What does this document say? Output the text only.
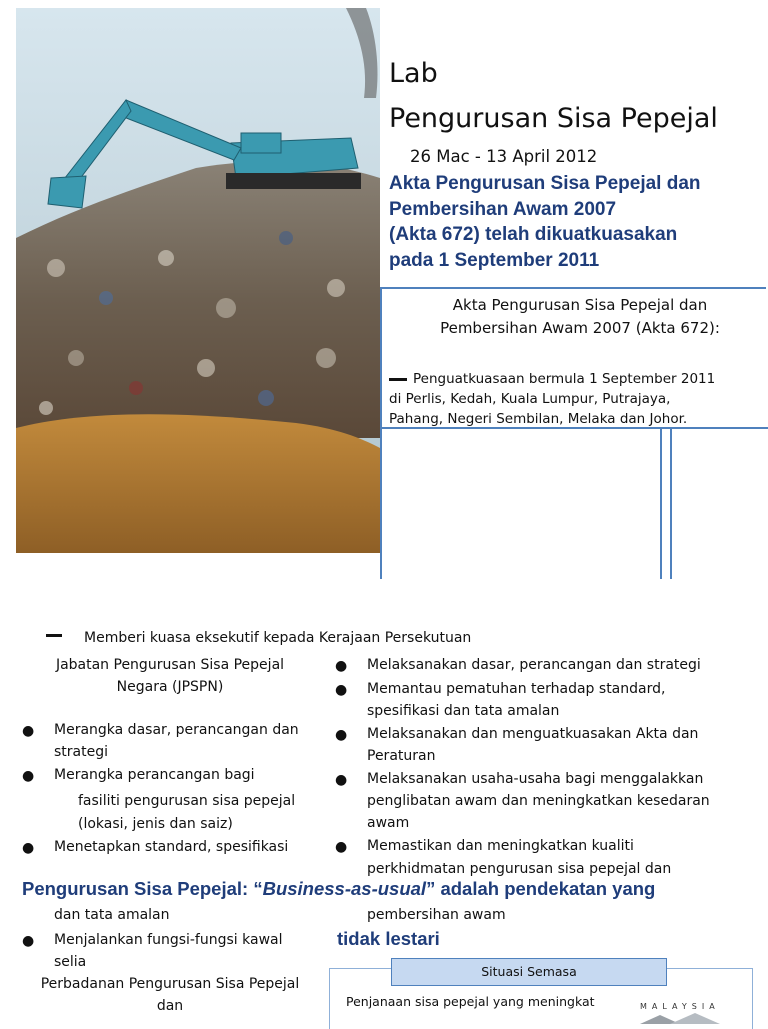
Lab
Pengurusan Sisa Pepejal
26 Mac - 13 April 2012
Akta Pengurusan Sisa Pepejal dan
Pembersihan Awam 2007
(Akta 672) telah dikuatkuasakan
pada 1 September 2011
Akta Pengurusan Sisa Pepejal dan
Pembersihan Awam 2007 (Akta 672):
Penguatkuasaan bermula 1 September 2011
di Perlis, Kedah, Kuala Lumpur, Putrajaya,
Pahang, Negeri Sembilan, Melaka dan Johor.
Memberi kuasa eksekutif kepada Kerajaan Persekutuan
Jabatan Pengurusan Sisa Pepejal
Negara (JPSPN)
● Merangka dasar, perancangan dan
strategi
● Merangka perancangan bagi
fasiliti pengurusan sisa pepejal
(lokasi, jenis dan saiz)
● Menetapkan standard, spesifikasi
dan tata amalan
● Menjalankan fungsi-fungsi kawal
selia
Perbadanan Pengurusan Sisa Pepejal
dan
● Melaksanakan dasar, perancangan dan strategi
● Memantau pematuhan terhadap standard,
spesifikasi dan tata amalan
● Melaksanakan dan menguatkuasakan Akta dan
Peraturan
● Melaksanakan usaha-usaha bagi menggalakkan
penglibatan awam dan meningkatkan kesedaran
awam
● Memastikan dan meningkatkan kualiti
perkhidmatan pengurusan sisa pepejal dan
pembersihan awam
Pengurusan Sisa Pepejal: “Business-as-usual” adalah pendekatan yang
tidak lestari
Situasi Semasa
Penjanaan sisa pepejal yang meningkat	MALAYSIA
